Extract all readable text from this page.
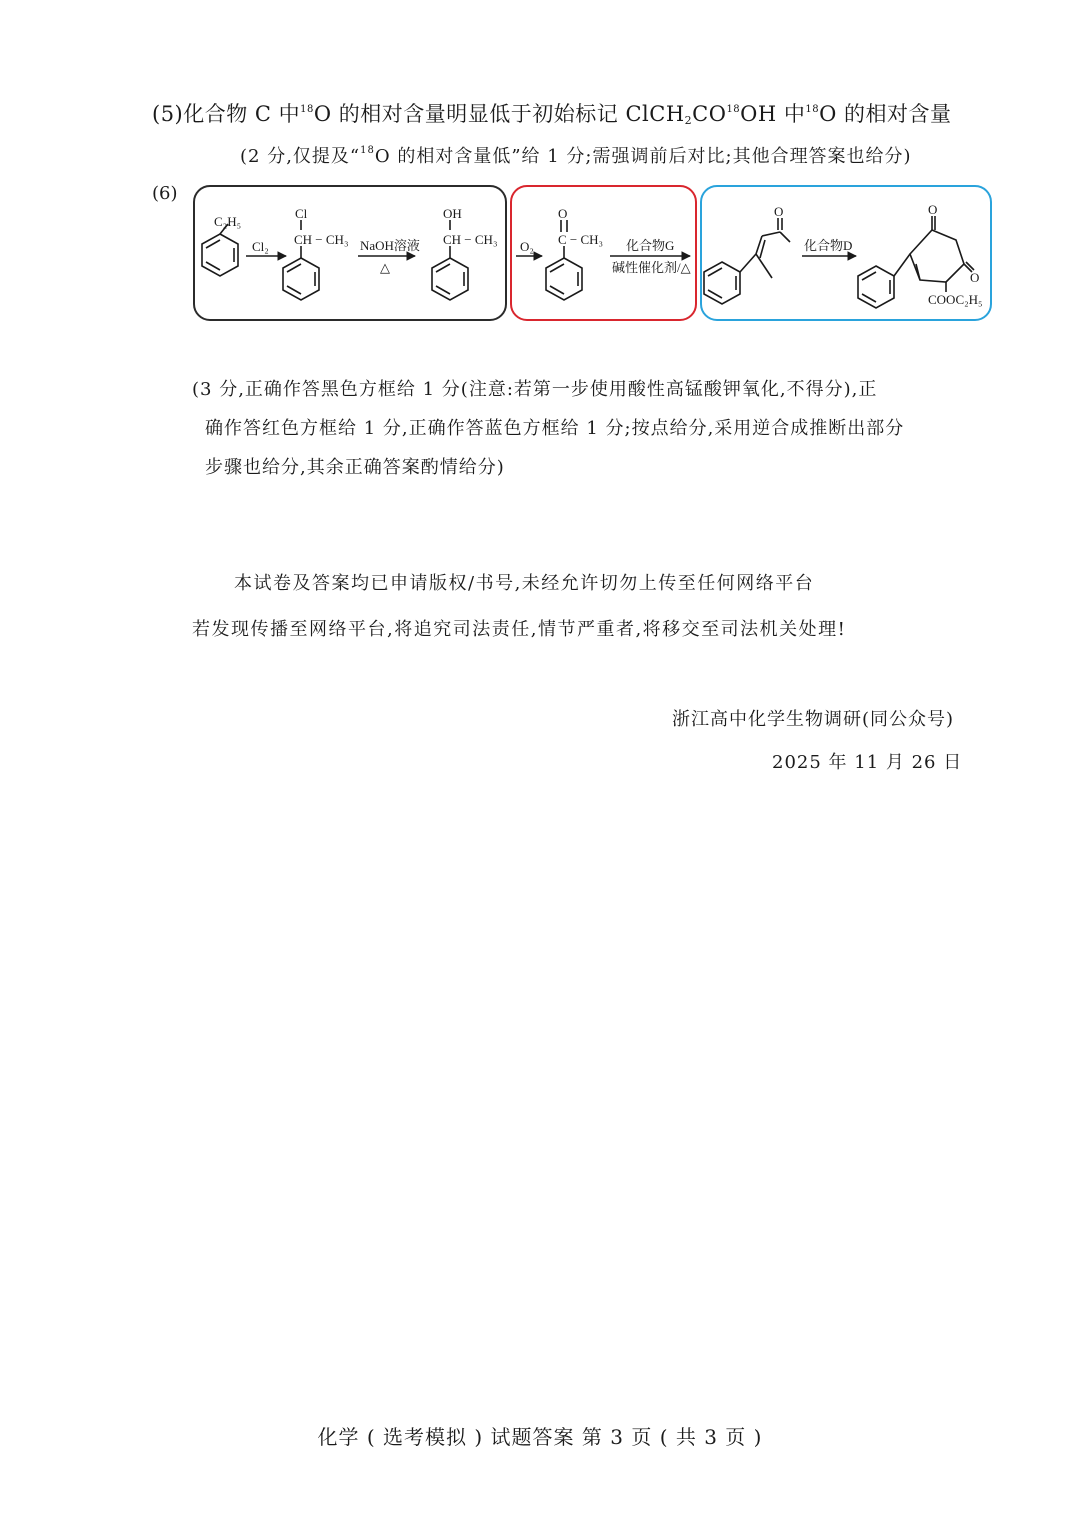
(5)化合物 C 中$^{18}$O 的相对含量明显低于初始标记 $ClCH_2CO^{18}OH$ 中$^{18}$O 的相对含量
(2 分,仅提及“$^{18}$O 的相对含量低”给 1 分;需强调前后对比;其他合理答案也给分)
(6)
C₂H₅
Cl₂
Cl
CH − CH₃ NaOH溶液
△
OH
CH − CH₃ O₂
O
C − CH₃ 化合物G
碱性催化剂/△
O
化合物D
O
O
COOC₂H₅
(3 分,正确作答黑色方框给 1 分(注意:若第一步使用酸性高锰酸钾氧化,不得分),正
确作答红色方框给 1 分,正确作答蓝色方框给 1 分;按点给分,采用逆合成推断出部分
步骤也给分,其余正确答案酌情给分)
本试卷及答案均已申请版权/书号,未经允许切勿上传至任何网络平台
若发现传播至网络平台,将追究司法责任,情节严重者,将移交至司法机关处理!
浙江高中化学生物调研(同公众号)
2025 年 11 月 26 日
化学 ( 选考模拟 ) 试题答案 第 3 页 ( 共 3 页 )
